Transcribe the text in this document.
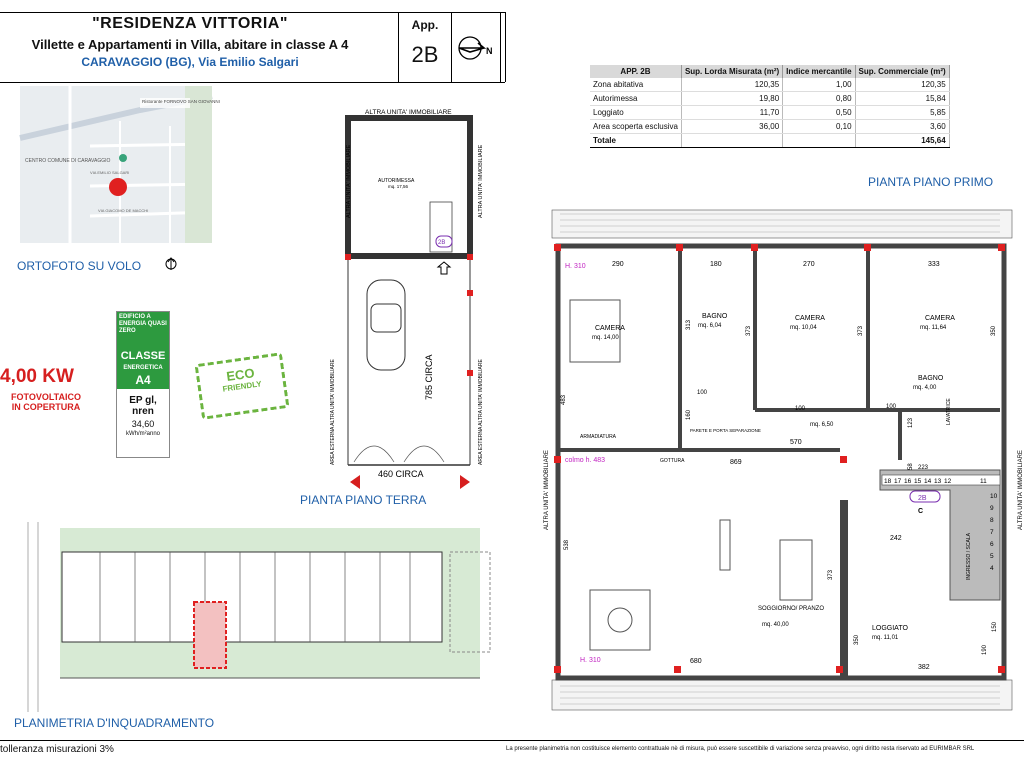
"RESIDENZA VITTORIA"
Villette e Appartamenti in Villa, abitare in classe A 4
CARAVAGGIO (BG), Via Emilio Salgari
App.
2B	N
APP. 2B	Sup. Lorda Misurata (m²)	Indice mercantile	Sup. Commerciale (m²)
Zona abitativa	120,35	1,00	120,35
Autorimessa	19,80	0,80	15,84
Loggiato	11,70	0,50	5,85
Area scoperta esclusiva	36,00	0,10	3,60
Totale			145,64
Ristorante FORNOVO SAN GIOVANNI
CENTRO COMUNE DI CARAVAGGIO
VIA EMILIO SALGARI
VIA GIACOMO DE MACCHI
ORTOFOTO SU VOLO
4,00 KW
FOTOVOLTAICO
IN COPERTURA
EDIFICIO A ENERGIA QUASI ZERO
CLASSE
ENERGETICA
A4
EP gl, nren
34,60
kWh/m²anno
ECO
FRIENDLY
ALTRA UNITA' IMMOBILIARE
ALTRA UNITA' IMMOBILIARE	ALTRA UNITA' IMMOBILIARE
AUTORIMESSA
mq. 17,56
2B
785 CIRCA
AREA ESTERNA ALTRA UNITA' IMMOBILIARE	AREA ESTERNA ALTRA UNITA' IMMOBILIARE
460 CIRCA
PIANTA PIANO TERRA
PLANIMETRIA D'INQUADRAMENTO
PIANTA PIANO PRIMO
ALTRA UNITA' IMMOBILIARE	ALTRA UNITA' IMMOBILIARE
H. 310
colmo h. 483
H. 310
CAMERA
mq. 14,00
BAGNO
mq. 6,04
CAMERA
mq. 10,04
CAMERA
mq. 11,64
BAGNO
mq. 4,00
SOGGIORNO/ PRANZO
mq. 40,00	LOGGIATO
mq. 11,01
mq. 6,50
ARMADIATURA
GOTTURA
LAVATRICE
PARETE E PORTA SEPARAZIONE
290	180	270	333
313
373	373	350
483
100
100	100
160
570
869
538
242
373
350
680
382
190
150
223
123
58
18 17 16 15 14 13 12	11
10
9
8
7
6
5
4
INGRESSO / SCALA
C
2B
tolleranza misurazioni 3%	La presente planimetria non costituisce elemento contrattuale nè di misura, può essere suscettibile di variazione senza preavviso, ogni diritto resta riservato ad EURIMBAR SRL
